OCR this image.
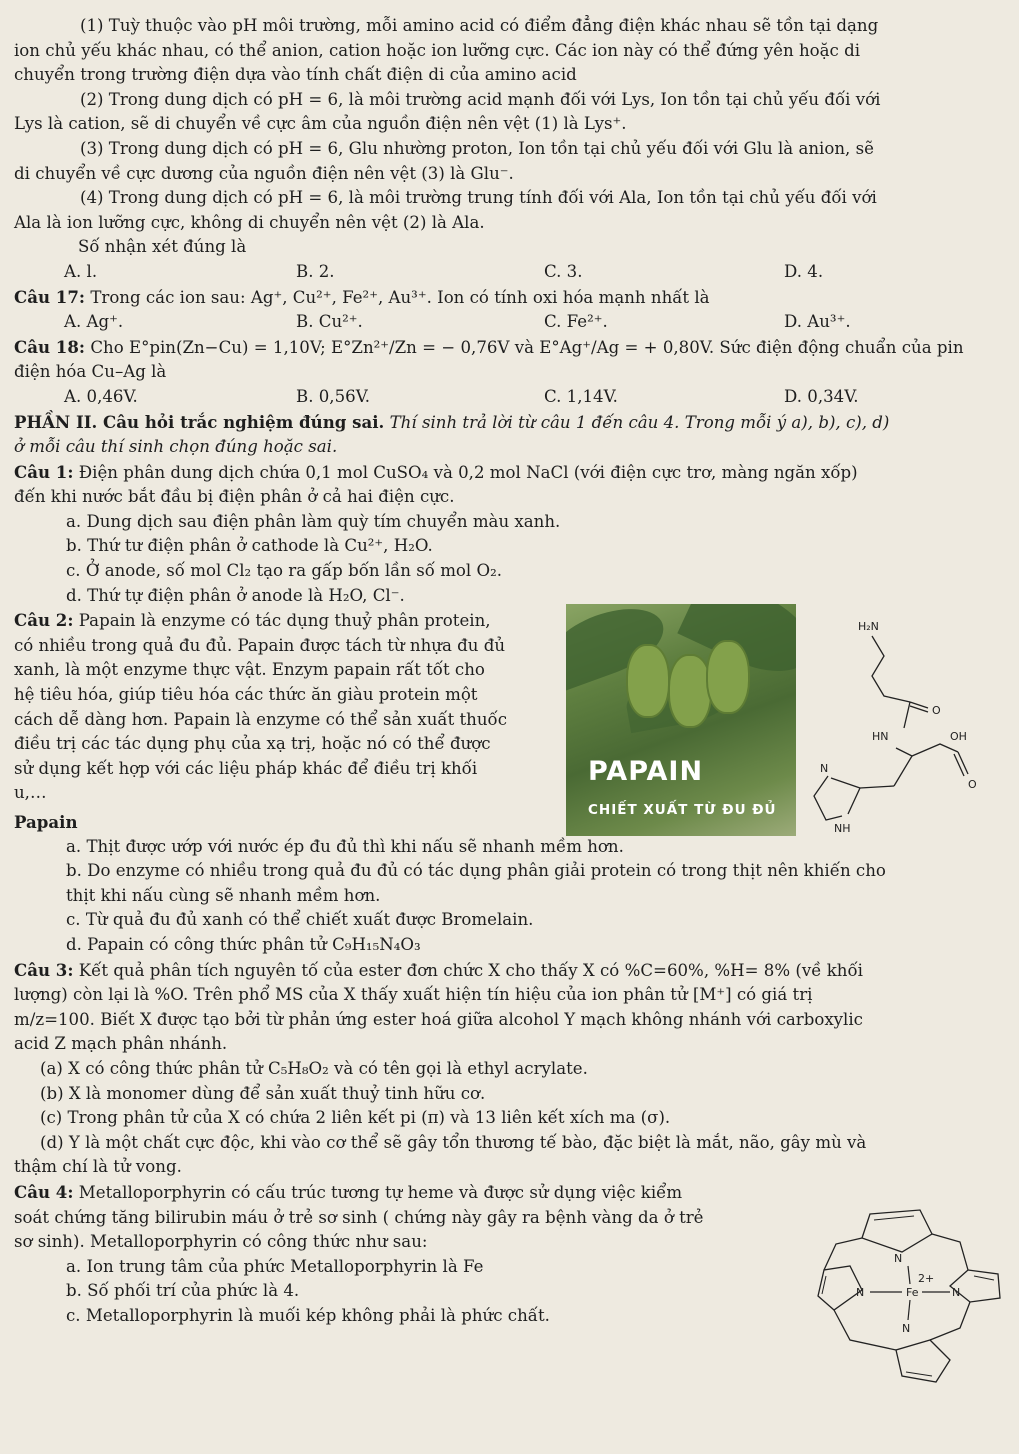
(1) Tuỳ thuộc vào pH môi trường, mỗi amino acid có điểm đẳng điện khác nhau sẽ tồn tại dạng

ion chủ yếu khác nhau, có thể anion, cation hoặc ion lưỡng cực. Các ion này có thể đứng yên hoặc di

chuyển trong trường điện dựa vào tính chất điện di của amino acid

(2) Trong dung dịch có pH = 6, là môi trường acid mạnh đối với Lys, Ion tồn tại chủ yếu đối với

Lys là cation, sẽ di chuyển về cực âm của nguồn điện nên vệt (1) là Lys⁺.

(3) Trong dung dịch có pH = 6, Glu nhường proton, Ion tồn tại chủ yếu đối với Glu là anion, sẽ

di chuyển về cực dương của nguồn điện nên vệt (3) là Glu⁻.

(4) Trong dung dịch có pH = 6, là môi trường trung tính đối với Ala, Ion tồn tại chủ yếu đối với

Ala là ion lưỡng cực, không di chuyển nên vệt (2) là Ala.

Số nhận xét đúng là

A. l.	B. 2.	C. 3.	D. 4.

Câu 17: Trong các ion sau: Ag⁺, Cu²⁺, Fe²⁺, Au³⁺. Ion có tính oxi hóa mạnh nhất là

A. Ag⁺.	B. Cu²⁺.	C. Fe²⁺.	D. Au³⁺.

Câu 18: Cho E°pin(Zn−Cu) = 1,10V; E°Zn²⁺/Zn = − 0,76V và E°Ag⁺/Ag = + 0,80V. Sức điện động chuẩn của pin

điện hóa Cu–Ag là

A. 0,46V.	B. 0,56V.	C. 1,14V.	D. 0,34V.

PHẦN II. Câu hỏi trắc nghiệm đúng sai. Thí sinh trả lời từ câu 1 đến câu 4. Trong mỗi ý a), b), c), d)

ở mỗi câu thí sinh chọn đúng hoặc sai.

Câu 1: Điện phân dung dịch chứa 0,1 mol CuSO₄ và 0,2 mol NaCl (với điện cực trơ, màng ngăn xốp)

đến khi nước bắt đầu bị điện phân ở cả hai điện cực.

a. Dung dịch sau điện phân làm quỳ tím chuyển màu xanh.

b. Thứ tư điện phân ở cathode là Cu²⁺, H₂O.

c. Ở anode, số mol Cl₂ tạo ra gấp bốn lần số mol O₂.

d. Thứ tự điện phân ở anode là H₂O, Cl⁻.

Câu 2: Papain là enzyme có tác dụng thuỷ phân protein,

có nhiều trong quả đu đủ. Papain được tách từ nhựa đu đủ

xanh, là một enzyme thực vật. Enzym papain rất tốt cho

hệ tiêu hóa, giúp tiêu hóa các thức ăn giàu protein một

cách dễ dàng hơn. Papain là enzyme có thể sản xuất thuốc

điều trị các tác dụng phụ của xạ trị, hoặc nó có thể được

sử dụng kết hợp với các liệu pháp khác để điều trị khối

u,…

Papain

PAPAIN
CHIẾT XUẤT TỪ ĐU ĐỦ
H₂N
O
HN	OH
O
N
NH

a. Thịt được ướp với nước ép đu đủ thì khi nấu sẽ nhanh mềm hơn.

b. Do enzyme có nhiều trong quả đu đủ có tác dụng phân giải protein có trong thịt nên khiến cho

thịt khi nấu cùng sẽ nhanh mềm hơn.

c. Từ quả đu đủ xanh có thể chiết xuất được Bromelain.

d. Papain có công thức phân tử C₉H₁₅N₄O₃

Câu 3: Kết quả phân tích nguyên tố của ester đơn chức X cho thấy X có %C=60%, %H= 8% (về khối

lượng) còn lại là %O. Trên phổ MS của X thấy xuất hiện tín hiệu của ion phân tử [M⁺] có giá trị

m/z=100. Biết X được tạo bởi từ phản ứng ester hoá giữa alcohol Y mạch không nhánh với carboxylic

acid Z mạch phân nhánh.

(a) X có công thức phân tử C₅H₈O₂ và có tên gọi là ethyl acrylate.

(b) X là monomer dùng để sản xuất thuỷ tinh hữu cơ.

(c) Trong phân tử của X có chứa 2 liên kết pi (π) và 13 liên kết xích ma (σ).

(d) Y là một chất cực độc, khi vào cơ thể sẽ gây tổn thương tế bào, đặc biệt là mắt, não, gây mù và

thậm chí là tử vong.

Câu 4: Metalloporphyrin có cấu trúc tương tự heme và được sử dụng việc kiểm

soát chứng tăng bilirubin máu ở trẻ sơ sinh ( chứng này gây ra bệnh vàng da ở trẻ

sơ sinh). Metalloporphyrin có công thức như sau:

a. Ion trung tâm của phức Metalloporphyrin là Fe

b. Số phối trí của phức là 4.

c. Metalloporphyrin là muối kép không phải là phức chất.

N
2+
N	Fe	N
N
